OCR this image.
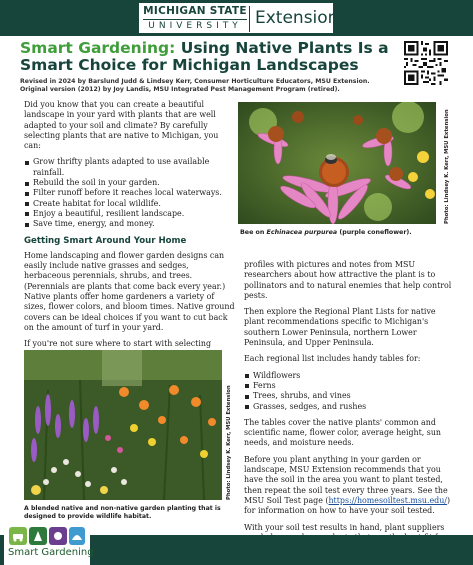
MICHIGAN STATE
UNIVERSITY Extension
Smart Gardening: Using Native Plants Is a Smart Choice for Michigan Landscapes
Revised in 2024 by Barslund Judd & Lindsey Kerr, Consumer Horticulture Educators, MSU Extension.
Original version (2012) by Joy Landis, MSU Integrated Pest Management Program (retired).

Did you know that you can create a beautiful landscape in your yard with plants that are well adapted to your soil and climate? By carefully selecting plants that are native to Michigan, you can:

Grow thrifty plants adapted to use available rainfall.
Rebuild the soil in your garden.
Filter runoff before it reaches local waterways.
Create habitat for local wildlife.
Enjoy a beautiful, resilient landscape.
Save time, energy, and money.
Getting Smart Around Your Home

Home landscaping and flower garden designs can easily include native grasses and sedges, herbaceous perennials, shrubs, and trees. (Perennials are plants that come back every year.) Native plants offer home gardeners a variety of sizes, flower colors, and bloom times. Native ground covers can be ideal choices if you want to cut back on the amount of turf in your yard.

If you're not sure where to start with selecting

Photo: Lindsey K. Kerr, MSU Extension
Bee on Echinacea purpurea (purple coneflower).

profiles with pictures and notes from MSU researchers about how attractive the plant is to pollinators and to natural enemies that help control pests.

Then explore the Regional Plant Lists for native plant recommendations specific to Michigan's southern Lower Peninsula, northern Lower Peninsula, and Upper Peninsula.

Each regional list includes handy tables for:

Wildflowers
Ferns
Trees, shrubs, and vines
Grasses, sedges, and rushes

The tables cover the native plants' common and scientific name, flower color, average height, sun needs, and moisture needs.

Before you plant anything in your garden or landscape, MSU Extension recommends that you have the soil in the area you want to plant tested, then repeat the soil test every three years. See the MSU Soil Test page (https://homesoiltest.msu.edu/) for information on how to have your soil tested.

With your soil test results in hand, plant suppliers

Photo: Lindsey K. Kerr, MSU Extension
A blended native and non-native garden planting that is designed to provide wildlife habitat.
Smart Gardening
